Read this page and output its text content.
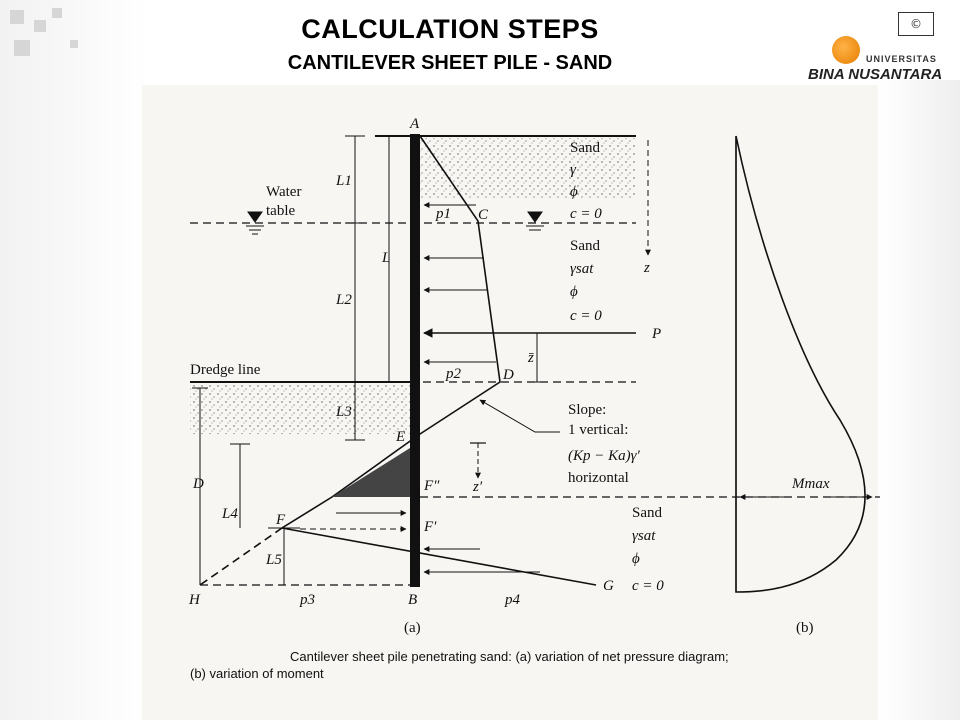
CALCULATION STEPS
CANTILEVER SHEET PILE - SAND
©
UNIVERSITAS
BINA NUSANTARA
A
B
C
D
E
F
F″
F′
G
H
Water
table
Dredge line
Sand
γ
ϕ
c = 0
Sand
γsat
ϕ
c = 0
Slope:
1 vertical:
(Kp − Ka)γ′
horizontal
Sand
γsat
ϕ
c = 0
L1
L2
L3
L4
L5
L
D
p1
p2
p3	p4
P
z
z̄
z′	Mmax
(a)	(b)
Cantilever sheet pile penetrating sand: (a) variation of net pressure diagram;
(b) variation of moment
